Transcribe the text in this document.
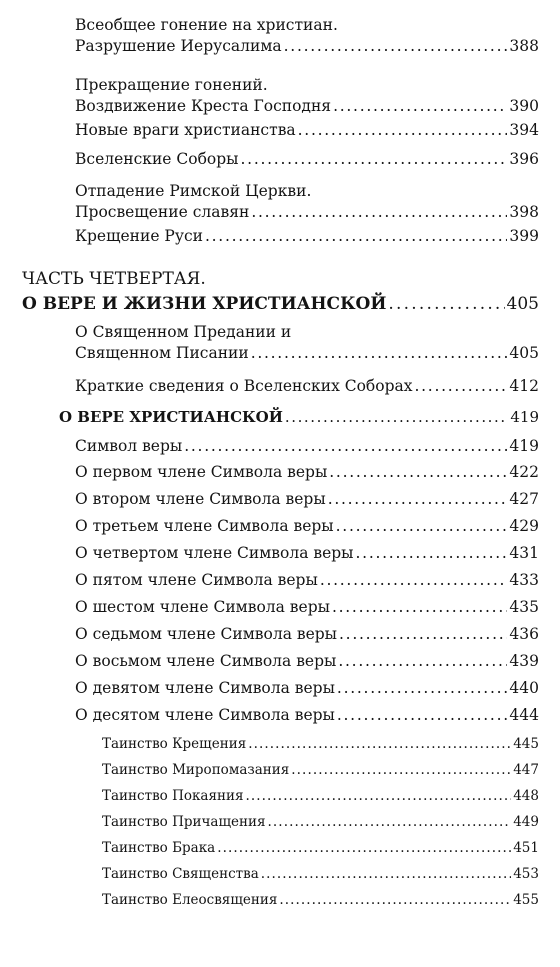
Всеобщее гонение на христиан.
Разрушение Иерусалима . . .	388
Прекращение гонений.
Воздвижение Креста Господня . . .	390
Новые враги христианства . . .	394
Вселенские Соборы . . .	396
Отпадение Римской Церкви.
Просвещение славян . . .	398
Крещение Руси . . .	399
ЧАСТЬ ЧЕТВЕРТАЯ.
О ВЕРЕ И ЖИЗНИ ХРИСТИАНСКОЙ . . .	405
О Священном Предании и
Священном Писании . . .	405
Краткие сведения о Вселенских Соборах . . .	412
О ВЕРЕ ХРИСТИАНСКОЙ . . .	419
Символ веры . . .	419
О первом члене Символа веры . . .	422
О втором члене Символа веры . . .	427
О третьем члене Символа веры . . .	429
О четвертом члене Символа веры . . .	431
О пятом члене Символа веры . . .	433
О шестом члене Символа веры . . .	435
О седьмом члене Символа веры . . .	436
О восьмом члене Символа веры . . .	439
О девятом члене Символа веры . . .	440
О десятом члене Символа веры . . .	444
Таинство Крещения . . .	445
Таинство Миропомазания . . .	447
Таинство Покаяния . . .	448
Таинство Причащения . . .	449
Таинство Брака . . .	451
Таинство Священства . . .	453
Таинство Елеосвящения . . .	455
